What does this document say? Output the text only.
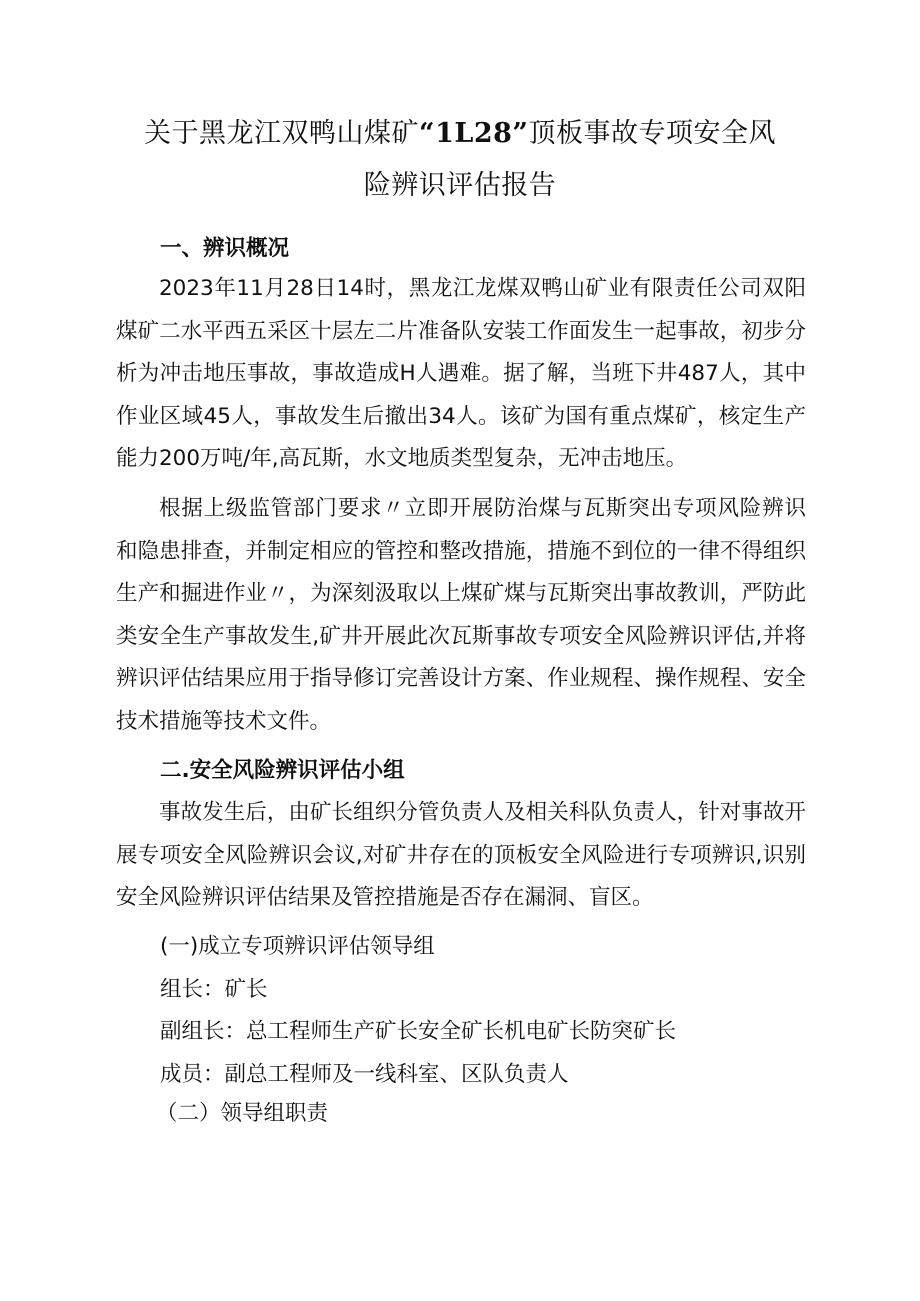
关于黑龙江双鸭山煤矿“1L28”顶板事故专项安全风
险辨识评估报告

一、辨识概况

2023年11月28日14时，黑龙江龙煤双鸭山矿业有限责任公司双阳
煤矿二水平西五采区十层左二片准备队安装工作面发生一起事故，初步分
析为冲击地压事故，事故造成H人遇难。据了解，当班下井487人，其中
作业区域45人，事故发生后撤出34人。该矿为国有重点煤矿，核定生产
能力200万吨/年,高瓦斯，水文地质类型复杂，无冲击地压。

根据上级监管部门要求〃立即开展防治煤与瓦斯突出专项风险辨识
和隐患排查，并制定相应的管控和整改措施，措施不到位的一律不得组织
生产和掘进作业〃，为深刻汲取以上煤矿煤与瓦斯突出事故教训，严防此
类安全生产事故发生,矿井开展此次瓦斯事故专项安全风险辨识评估,并将
辨识评估结果应用于指导修订完善设计方案、作业规程、操作规程、安全
技术措施等技术文件。

二.安全风险辨识评估小组

事故发生后，由矿长组织分管负责人及相关科队负责人，针对事故开
展专项安全风险辨识会议,对矿井存在的顶板安全风险进行专项辨识,识别
安全风险辨识评估结果及管控措施是否存在漏洞、盲区。

(一)成立专项辨识评估领导组

组长：矿长

副组长：总工程师生产矿长安全矿长机电矿长防突矿长

成员：副总工程师及一线科室、区队负责人

（二）领导组职责
